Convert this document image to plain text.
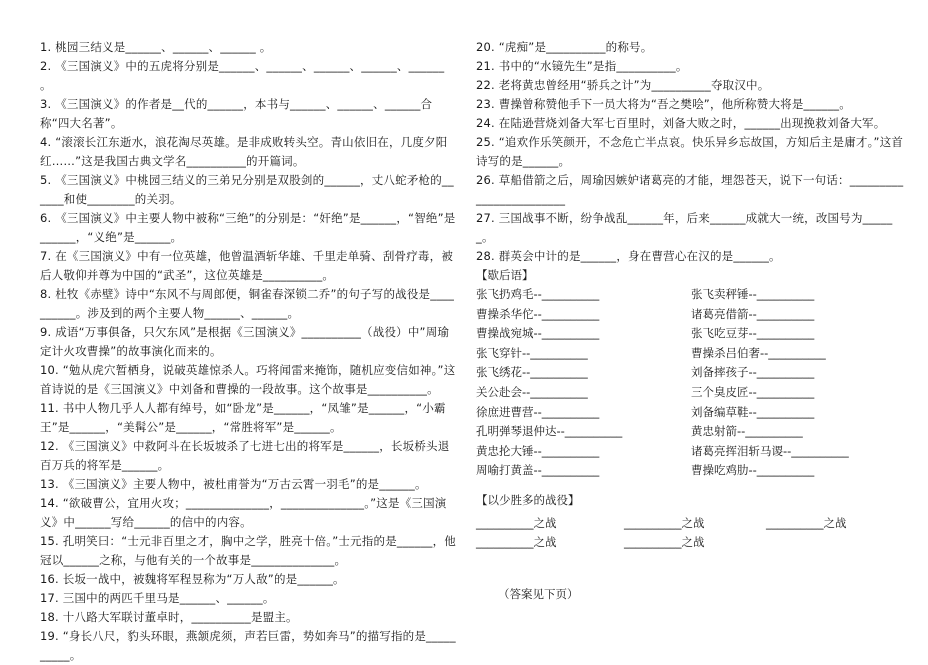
1. 桃园三结义是______、______、______ 。

2. 《三国演义》中的五虎将分别是______、______、______、______、______ 。

3. 《三国演义》的作者是__代的______，本书与______、______、______合称“四大名著”。

4. “滚滚长江东逝水，浪花淘尽英雄。是非成败转头空。青山依旧在，几度夕阳红……”这是我国古典文学名__________的开篇词。

5. 《三国演义》中桃园三结义的三弟兄分别是双股剑的______，丈八蛇矛枪的______和使________的关羽。

6. 《三国演义》中主要人物中被称“三绝”的分别是：“奸绝”是______，“智绝”是______，“义绝”是______。

7. 在《三国演义》中有一位英雄，他曾温酒斩华雄、千里走单骑、刮骨疗毒，被后人敬仰并尊为中国的“武圣”，这位英雄是__________。

8. 杜牧《赤壁》诗中“东风不与周郎便，铜雀春深锁二乔”的句子写的战役是__________。涉及到的两个主要人物______、______。

9. 成语“万事俱备，只欠东风”是根据《三国演义》__________（战役）中”周瑜定计火攻曹操”的故事演化而来的。

10. “勉从虎穴暂栖身，说破英雄惊杀人。巧将闻雷来掩饰，随机应变信如神。”这首诗说的是《三国演义》中刘备和曹操的一段故事。这个故事是__________。

11. 书中人物几乎人人都有绰号，如“卧龙”是______，“凤雏”是______，“小霸王”是______，“美髯公”是______，“常胜将军”是______。

12. 《三国演义》中救阿斗在长坂坡杀了七进七出的将军是______，长坂桥头退百万兵的将军是______。

13. 《三国演义》主要人物中，被杜甫誉为“万古云霄一羽毛”的是______。

14. “欲破曹公，宜用火攻；______________，______________。”这是《三国演义》中______写给______的信中的内容。

15. 孔明笑曰：“士元非百里之才，胸中之学，胜亮十倍。”士元指的是______，他冠以______之称，与他有关的一个故事是______________。

16. 长坂一战中，被魏将军程昱称为“万人敌”的是______。

17. 三国中的两匹千里马是______、______。

18. 十八路大军联讨董卓时，__________是盟主。

19. “身长八尺，豹头环眼，燕颔虎须，声若巨雷，势如奔马”的描写指的是__________。

20. “虎痴”是__________的称号。

21. 书中的“水镜先生”是指__________。

22. 老将黄忠曾经用“骄兵之计”为__________夺取汉中。

23. 曹操曾称赞他手下一员大将为“吾之樊哙”，他所称赞大将是______。

24. 在陆逊营烧刘备大军七百里时，刘备大败之时，______出现挽救刘备大军。

25. “追欢作乐笑颜开，不念危亡半点哀。快乐异乡忘故国，方知后主是庸才。”这首诗写的是______。

26. 草船借箭之后，周瑜因嫉妒诸葛亮的才能，埋怨苍天，说下一句话：________________________

27. 三国战事不断，纷争战乱______年，后来______成就大一统，改国号为______。

28. 群英会中计的是______，身在曹营心在汉的是______。

【歇后语】

张飞扔鸡毛--__________	张飞卖秤锤--__________
曹操杀华佗--__________	诸葛亮借箭--__________
曹操战宛城--__________	张飞吃豆芽--__________
张飞穿针--__________	曹操杀吕伯奢--__________
张飞绣花--__________	刘备摔孩子--__________
关公赴会--__________	三个臭皮匠--__________
徐庶进曹营--__________	刘备编草鞋--__________
孔明弹琴退仲达--__________	黄忠射箭--__________
黄忠抡大锤--__________	诸葛亮挥泪斩马谡--__________
周喻打黄盖--__________	曹操吃鸡肋--__________

【以少胜多的战役】

__________之战	__________之战	__________之战
__________之战	__________之战
（答案见下页）
